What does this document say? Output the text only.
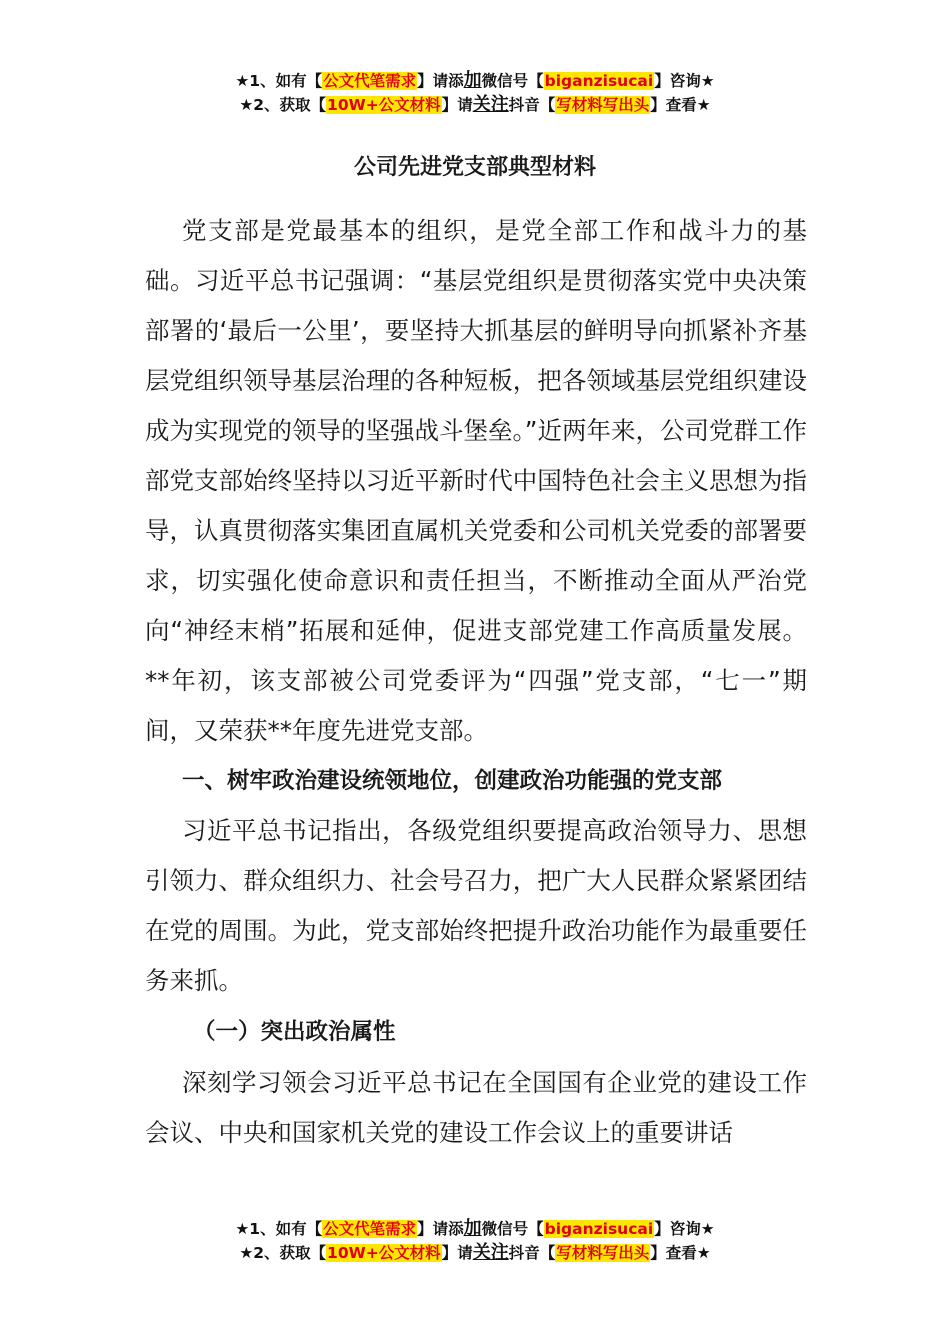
★1、如有【公文代笔需求】请添加微信号【biganzisucai】咨询★
★2、获取【10W+公文材料】请关注抖音【写材料写出头】查看★
公司先进党支部典型材料

党支部是党最基本的组织，是党全部工作和战斗力的基础。习近平总书记强调：“基层党组织是贯彻落实党中央决策部署的‘最后一公里’，要坚持大抓基层的鲜明导向抓紧补齐基层党组织领导基层治理的各种短板，把各领域基层党组织建设成为实现党的领导的坚强战斗堡垒。”近两年来，公司党群工作部党支部始终坚持以习近平新时代中国特色社会主义思想为指导，认真贯彻落实集团直属机关党委和公司机关党委的部署要求，切实强化使命意识和责任担当，不断推动全面从严治党向“神经末梢”拓展和延伸，促进支部党建工作高质量发展。**年初，该支部被公司党委评为“四强”党支部，“七一”期间，又荣获**年度先进党支部。

一、树牢政治建设统领地位，创建政治功能强的党支部

习近平总书记指出，各级党组织要提高政治领导力、思想引领力、群众组织力、社会号召力，把广大人民群众紧紧团结在党的周围。为此，党支部始终把提升政治功能作为最重要任务来抓。

（一）突出政治属性

深刻学习领会习近平总书记在全国国有企业党的建设工作会议、中央和国家机关党的建设工作会议上的重要讲话

★1、如有【公文代笔需求】请添加微信号【biganzisucai】咨询★
★2、获取【10W+公文材料】请关注抖音【写材料写出头】查看★
